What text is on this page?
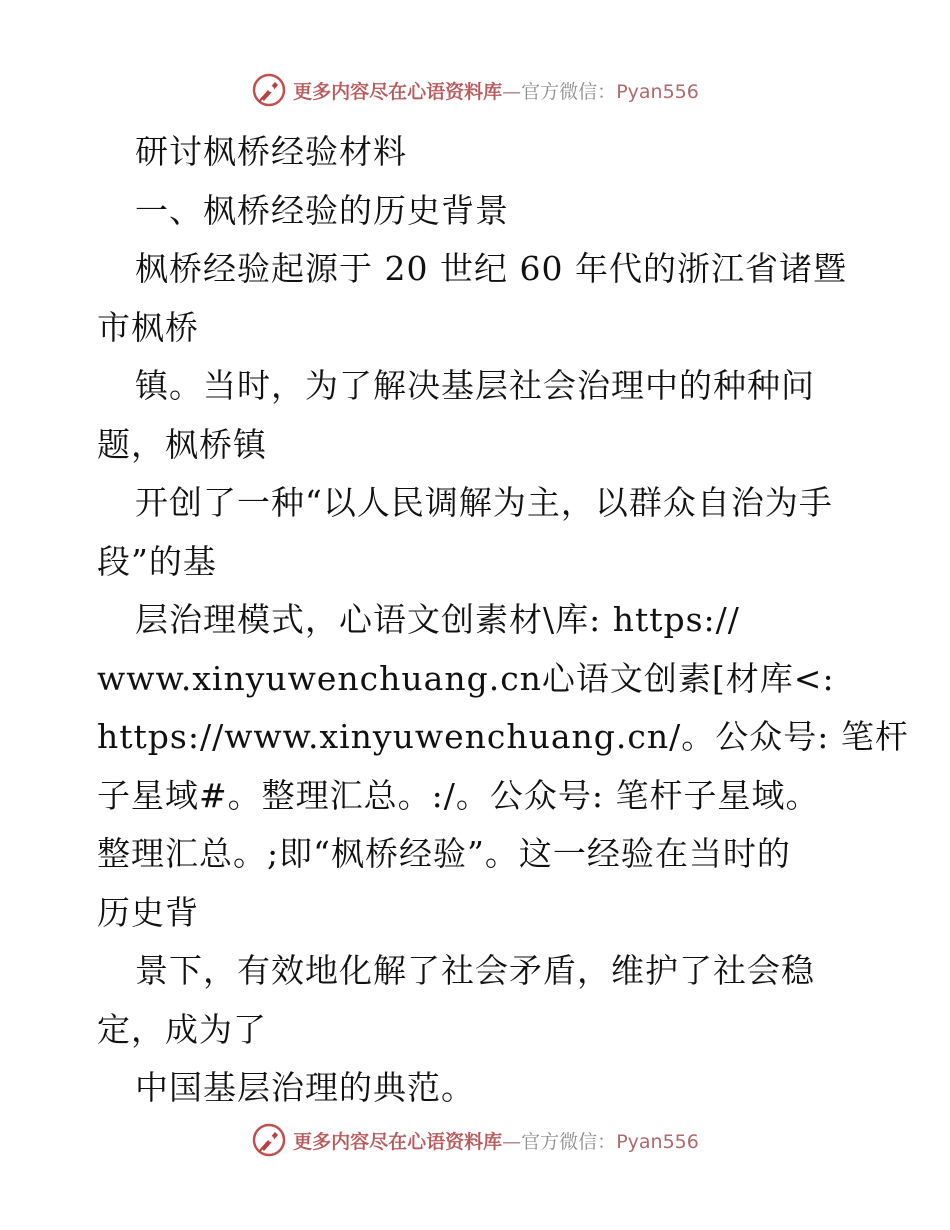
更多内容尽在心语资料库—官方微信：Pyan556
研讨枫桥经验材料
一、枫桥经验的历史背景
枫桥经验起源于 20 世纪 60 年代的浙江省诸暨
市枫桥
镇。当时，为了解决基层社会治理中的种种问
题，枫桥镇
开创了一种“以人民调解为主，以群众自治为手
段”的基
层治理模式，心语文创素材\库: https://
www.xinyuwenchuang.cn心语文创素[材库<:
https://www.xinyuwenchuang.cn/。公众号: 笔杆
子星域#。整理汇总。:/。公众号: 笔杆子星域。
整理汇总。;即“枫桥经验”。这一经验在当时的
历史背
景下，有效地化解了社会矛盾，维护了社会稳
定，成为了
中国基层治理的典范。
更多内容尽在心语资料库—官方微信：Pyan556
